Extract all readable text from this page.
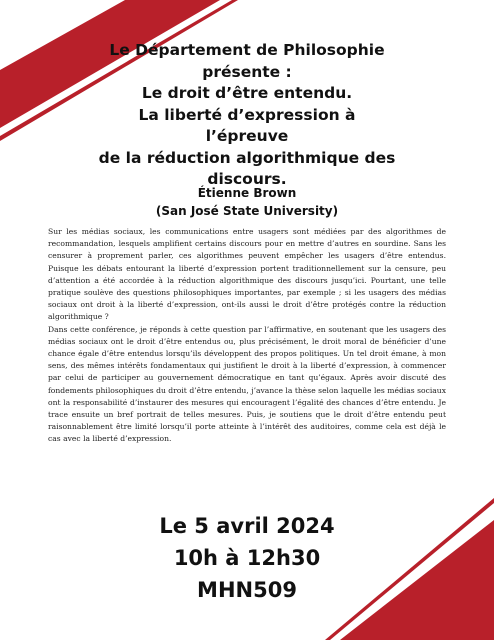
Le Département de Philosophie
présente :
Le droit d’être entendu.
La liberté d’expression à l’épreuve
de la réduction algorithmique des
discours.
Étienne Brown
(San José State University)

Sur les médias sociaux, les communications entre usagers sont médiées par des algorithmes de recommandation, lesquels amplifient certains discours pour en mettre d’autres en sourdine. Sans les censurer à proprement parler, ces algorithmes peuvent empêcher les usagers d’être entendus. Puisque les débats entourant la liberté d’expression portent traditionnellement sur la censure, peu d’attention a été accordée à la réduction algorithmique des discours jusqu’ici. Pourtant, une telle pratique soulève des questions philosophiques importantes, par exemple ; si les usagers des médias sociaux ont droit à la liberté d’expression, ont-ils aussi le droit d’être protégés contre la réduction algorithmique ?

Dans cette conférence, je réponds à cette question par l’affirmative, en soutenant que les usagers des médias sociaux ont le droit d’être entendus ou, plus précisément, le droit moral de bénéficier d’une chance égale d’être entendus lorsqu’ils développent des propos politiques. Un tel droit émane, à mon sens, des mêmes intérêts fondamentaux qui justifient le droit à la liberté d’expression, à commencer par celui de participer au gouvernement démocratique en tant qu’égaux. Après avoir discuté des fondements philosophiques du droit d’être entendu, j’avance la thèse selon laquelle les médias sociaux ont la responsabilité d’instaurer des mesures qui encouragent l’égalité des chances d’être entendu. Je trace ensuite un bref portrait de telles mesures. Puis, je soutiens que le droit d’être entendu peut raisonnablement être limité lorsqu’il porte atteinte à l’intérêt des auditoires, comme cela est déjà le cas avec la liberté d’expression.

Le 5 avril 2024
10h à 12h30
MHN509
